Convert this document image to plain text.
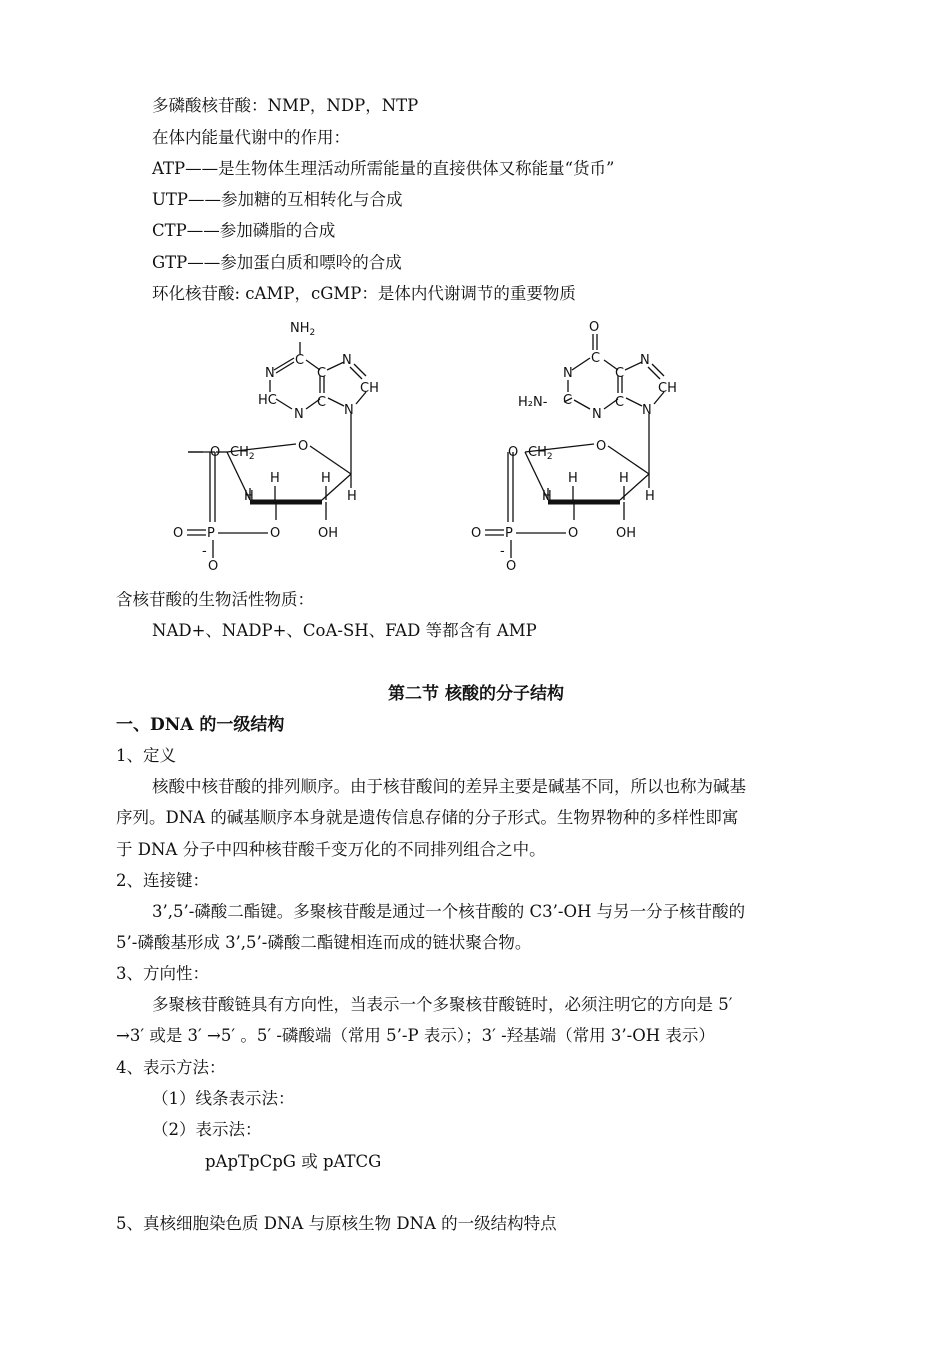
多磷酸核苷酸：NMP，NDP，NTP
在体内能量代谢中的作用：
ATP——是生物体生理活动所需能量的直接供体又称能量“货币”
UTP——参加糖的互相转化与合成
CTP——参加磷脂的合成
GTP——参加蛋白质和嘌呤的合成
环化核苷酸: cAMP，cGMP：是体内代谢调节的重要物质
$NH_2$
C
N	C
N
CH
HC	C
N	N
O $CH_2$
O
H	H
H	H
O P	O	OH
-
O
O
C
N	C
N
CH
H₂N- C	C
N	N
O $CH_2$
O
H	H
H	H
O P	O	OH
-
O
含核苷酸的生物活性物质：
NAD+、NADP+、CoA-SH、FAD 等都含有 AMP
第二节 核酸的分子结构
一、DNA 的一级结构
1、定义
核酸中核苷酸的排列顺序。由于核苷酸间的差异主要是碱基不同，所以也称为碱基
序列。DNA 的碱基顺序本身就是遗传信息存储的分子形式。生物界物种的多样性即寓
于 DNA 分子中四种核苷酸千变万化的不同排列组合之中。
2、连接键：
3’,5’-磷酸二酯键。多聚核苷酸是通过一个核苷酸的 C3’-OH 与另一分子核苷酸的
5’-磷酸基形成 3’,5’-磷酸二酯键相连而成的链状聚合物。
3、方向性：
多聚核苷酸链具有方向性，当表示一个多聚核苷酸链时，必须注明它的方向是 5′
→3′ 或是 3′ →5′ 。5′ -磷酸端（常用 5’-P 表示）；3′ -羟基端（常用 3’-OH 表示）
4、表示方法：
（1）线条表示法：
（2）表示法：
pApTpCpG 或 pATCG
5、真核细胞染色质 DNA 与原核生物 DNA 的一级结构特点
